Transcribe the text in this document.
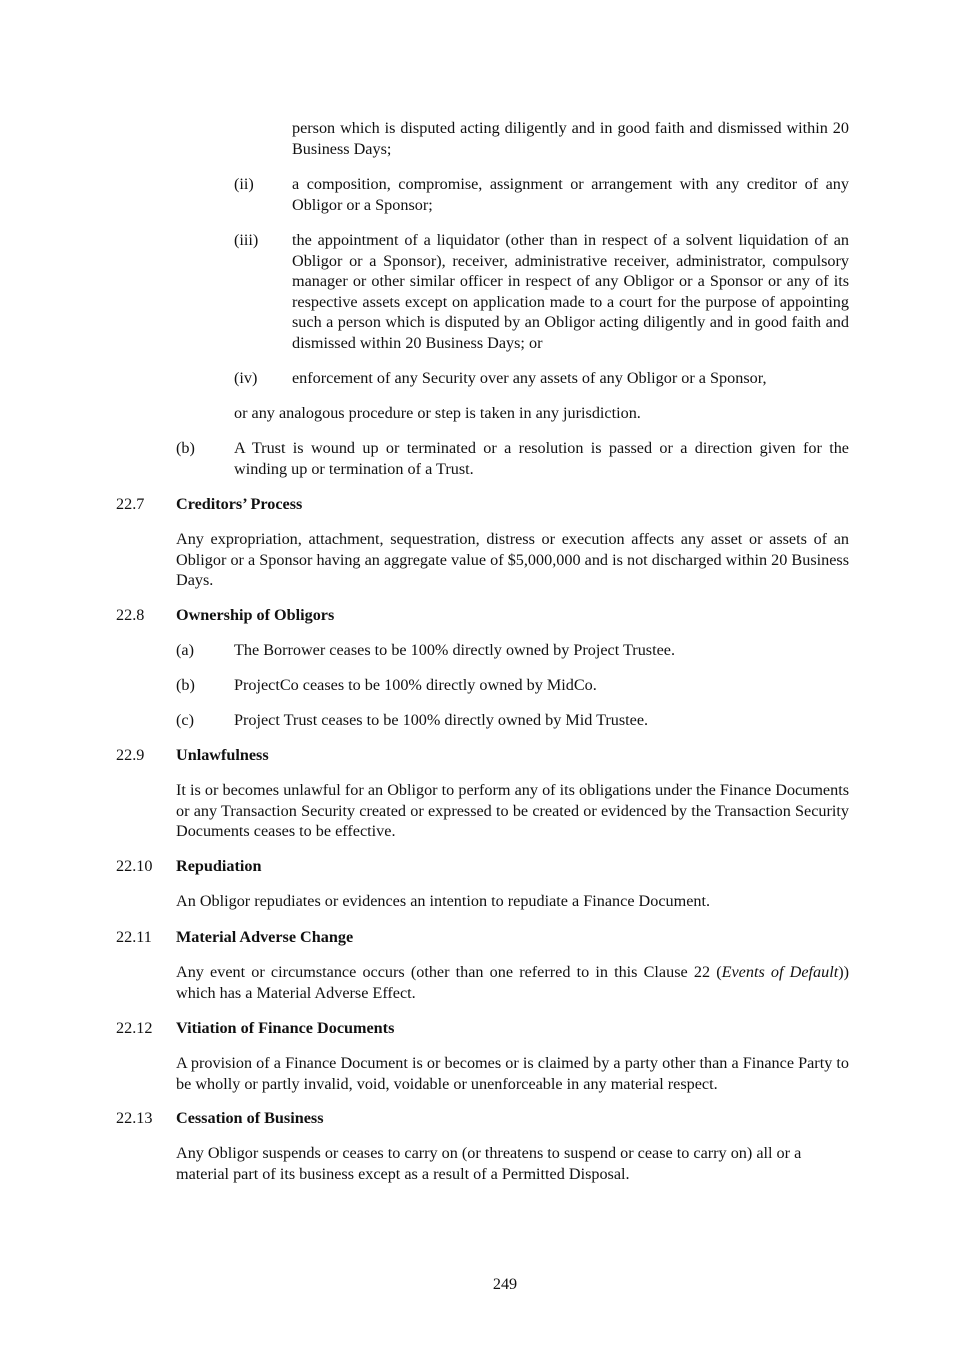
person which is disputed acting diligently and in good faith and dismissed within 20 Business Days;
(ii) a composition, compromise, assignment or arrangement with any creditor of any Obligor or a Sponsor;
(iii) the appointment of a liquidator (other than in respect of a solvent liquidation of an Obligor or a Sponsor), receiver, administrative receiver, administrator, compulsory manager or other similar officer in respect of any Obligor or a Sponsor or any of its respective assets except on application made to a court for the purpose of appointing such a person which is disputed by an Obligor acting diligently and in good faith and dismissed within 20 Business Days; or
(iv) enforcement of any Security over any assets of any Obligor or a Sponsor,
or any analogous procedure or step is taken in any jurisdiction.
(b) A Trust is wound up or terminated or a resolution is passed or a direction given for the winding up or termination of a Trust.
22.7 Creditors’ Process
Any expropriation, attachment, sequestration, distress or execution affects any asset or assets of an Obligor or a Sponsor having an aggregate value of $5,000,000 and is not discharged within 20 Business Days.
22.8 Ownership of Obligors
(a) The Borrower ceases to be 100% directly owned by Project Trustee.
(b) ProjectCo ceases to be 100% directly owned by MidCo.
(c) Project Trust ceases to be 100% directly owned by Mid Trustee.
22.9 Unlawfulness
It is or becomes unlawful for an Obligor to perform any of its obligations under the Finance Documents or any Transaction Security created or expressed to be created or evidenced by the Transaction Security Documents ceases to be effective.
22.10 Repudiation
An Obligor repudiates or evidences an intention to repudiate a Finance Document.
22.11 Material Adverse Change
Any event or circumstance occurs (other than one referred to in this Clause 22 (Events of Default)) which has a Material Adverse Effect.
22.12 Vitiation of Finance Documents
A provision of a Finance Document is or becomes or is claimed by a party other than a Finance Party to be wholly or partly invalid, void, voidable or unenforceable in any material respect.
22.13 Cessation of Business
Any Obligor suspends or ceases to carry on (or threatens to suspend or cease to carry on) all or a material part of its business except as a result of a Permitted Disposal.
249
